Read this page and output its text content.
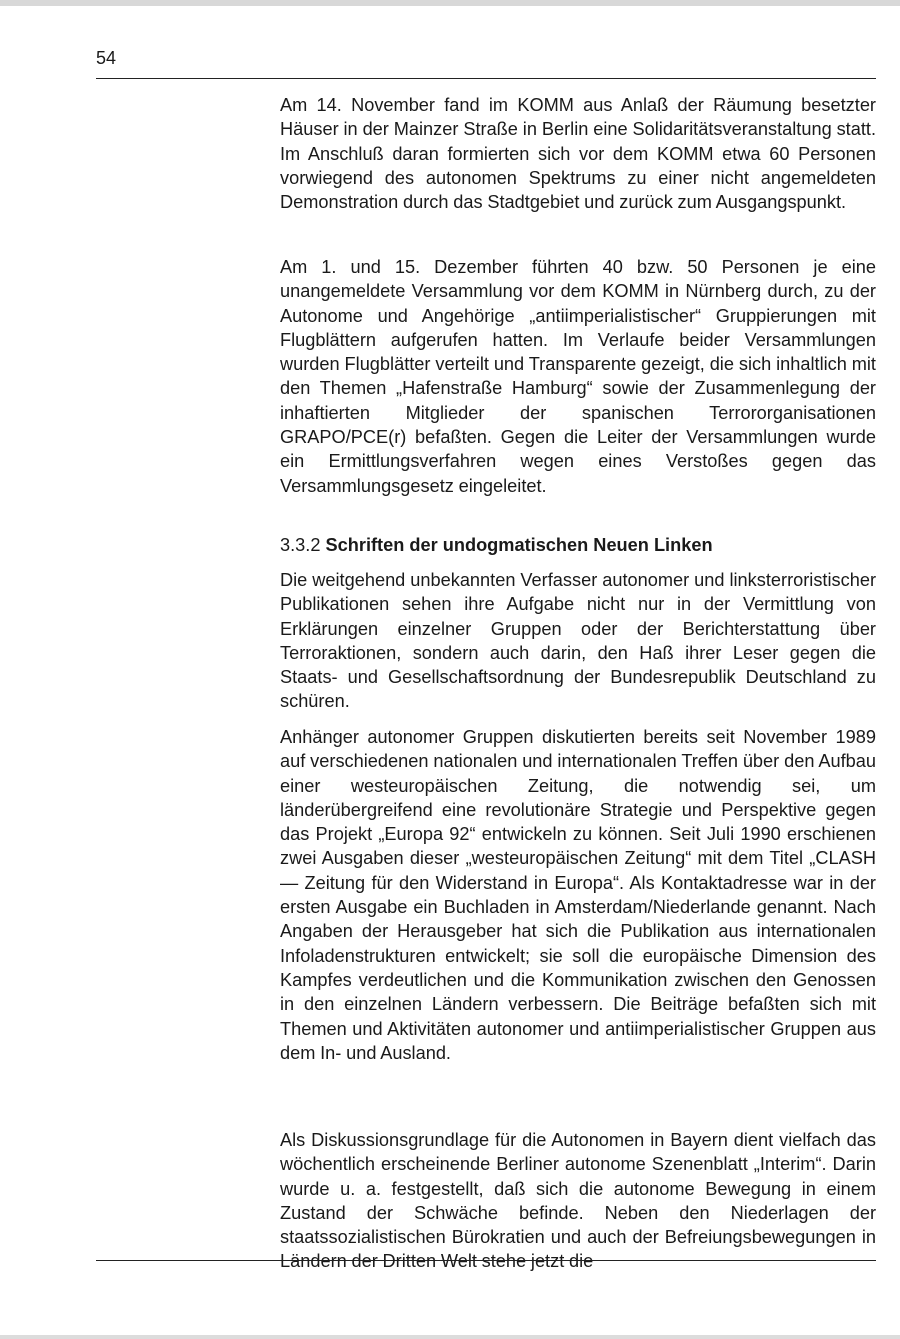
54

Am 14. November fand im KOMM aus Anlaß der Räumung besetzter Häuser in der Mainzer Straße in Berlin eine Solidaritätsveranstaltung statt. Im Anschluß daran formierten sich vor dem KOMM etwa 60 Personen vorwiegend des autonomen Spektrums zu einer nicht angemeldeten Demonstration durch das Stadtgebiet und zurück zum Ausgangspunkt.

Am 1. und 15. Dezember führten 40 bzw. 50 Personen je eine unangemeldete Versammlung vor dem KOMM in Nürnberg durch, zu der Autonome und Angehörige „antiimperialistischer“ Gruppierungen mit Flugblättern aufgerufen hatten. Im Verlaufe beider Versammlungen wurden Flugblätter verteilt und Transparente gezeigt, die sich inhaltlich mit den Themen „Hafenstraße Hamburg“ sowie der Zusammenlegung der inhaftierten Mitglieder der spanischen Terrororganisationen GRAPO/PCE(r) befaßten. Gegen die Leiter der Versammlungen wurde ein Ermittlungsverfahren wegen eines Verstoßes gegen das Versammlungsgesetz eingeleitet.

3.3.2 Schriften der undogmatischen Neuen Linken

Die weitgehend unbekannten Verfasser autonomer und linksterroristischer Publikationen sehen ihre Aufgabe nicht nur in der Vermittlung von Erklärungen einzelner Gruppen oder der Berichterstattung über Terroraktionen, sondern auch darin, den Haß ihrer Leser gegen die Staats- und Gesellschaftsordnung der Bundesrepublik Deutschland zu schüren.

Anhänger autonomer Gruppen diskutierten bereits seit November 1989 auf verschiedenen nationalen und internationalen Treffen über den Aufbau einer westeuropäischen Zeitung, die notwendig sei, um länderübergreifend eine revolutionäre Strategie und Perspektive gegen das Projekt „Europa 92“ entwickeln zu können. Seit Juli 1990 erschienen zwei Ausgaben dieser „westeuropäischen Zeitung“ mit dem Titel „CLASH — Zeitung für den Widerstand in Europa“. Als Kontaktadresse war in der ersten Ausgabe ein Buchladen in Amsterdam/Niederlande genannt. Nach Angaben der Herausgeber hat sich die Publikation aus internationalen Infoladenstrukturen entwickelt; sie soll die europäische Dimension des Kampfes verdeutlichen und die Kommunikation zwischen den Genossen in den einzelnen Ländern verbessern. Die Beiträge befaßten sich mit Themen und Aktivitäten autonomer und antiimperialistischer Gruppen aus dem In- und Ausland.

Als Diskussionsgrundlage für die Autonomen in Bayern dient vielfach das wöchentlich erscheinende Berliner autonome Szenenblatt „Interim“. Darin wurde u. a. festgestellt, daß sich die autonome Bewegung in einem Zustand der Schwäche befinde. Neben den Niederlagen der staatssozialistischen Bürokratien und auch der Befreiungsbewegungen in Ländern der Dritten Welt stehe jetzt die
